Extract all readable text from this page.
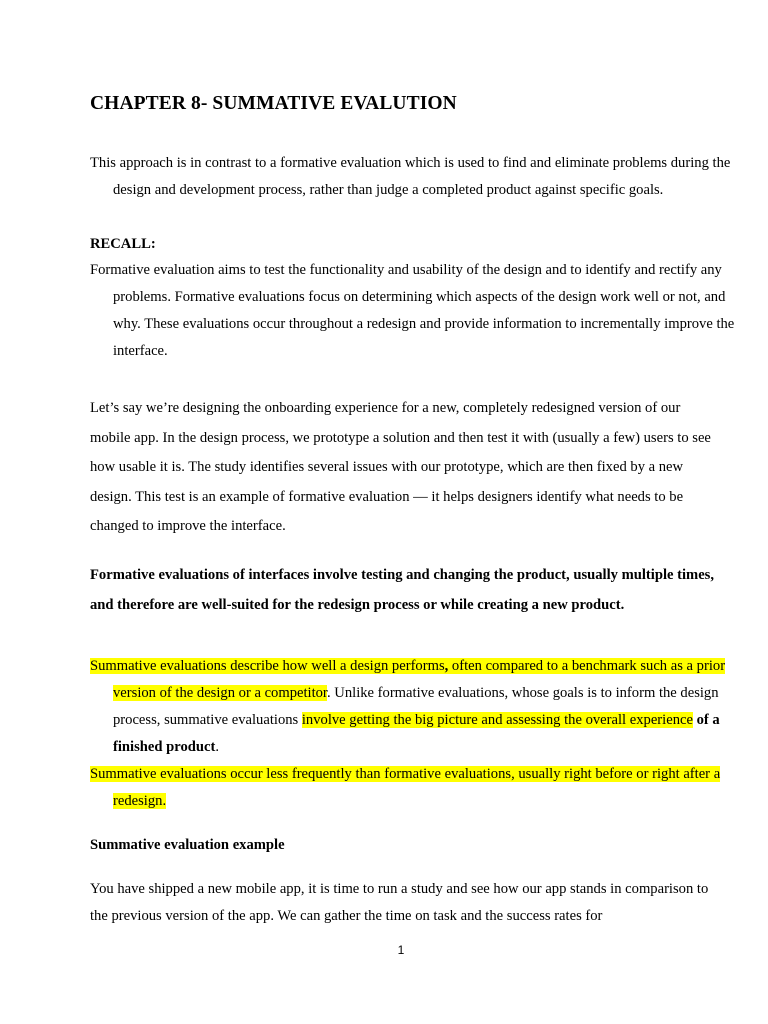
CHAPTER 8- SUMMATIVE EVALUTION
This approach is in contrast to a formative evaluation which is used to find and eliminate problems during the design and development process, rather than judge a completed product against specific goals.
RECALL:
Formative evaluation aims to test the functionality and usability of the design and to identify and rectify any problems. Formative evaluations focus on determining which aspects of the design work well or not, and why. These evaluations occur throughout a redesign and provide information to incrementally improve the interface.
Let’s say we’re designing the onboarding experience for a new, completely redesigned version of our mobile app. In the design process, we prototype a solution and then test it with (usually a few) users to see how usable it is. The study identifies several issues with our prototype, which are then fixed by a new design. This test is an example of formative evaluation — it helps designers identify what needs to be changed to improve the interface.
Formative evaluations of interfaces involve testing and changing the product, usually multiple times, and therefore are well-suited for the redesign process or while creating a new product.
Summative evaluations describe how well a design performs, often compared to a benchmark such as a prior version of the design or a competitor. Unlike formative evaluations, whose goals is to inform the design process, summative evaluations involve getting the big picture and assessing the overall experience of a finished product.
Summative evaluations occur less frequently than formative evaluations, usually right before or right after a redesign.
Summative evaluation example
You have shipped a new mobile app, it is time to run a study and see how our app stands in comparison to the previous version of the app. We can gather the time on task and the success rates for
1
